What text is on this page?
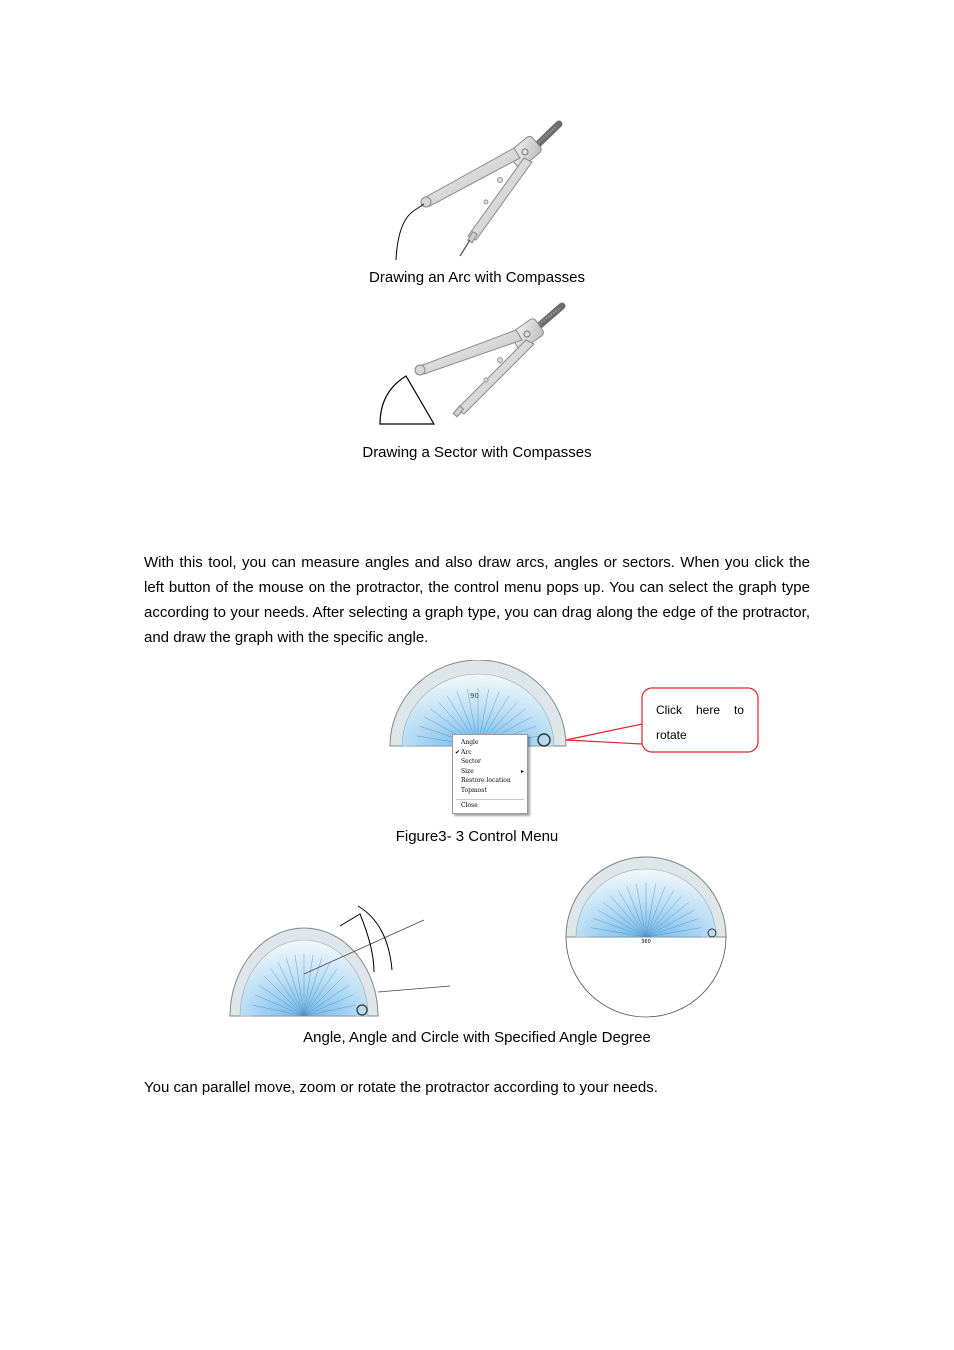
Drawing an Arc with Compasses
Drawing a Sector with Compasses
With this tool, you can measure angles and also draw arcs, angles or sectors. When you click the left button of the mouse on the protractor, the control menu pops up. You can select the graph type according to your needs. After selecting a graph type, you can drag along the edge of the protractor, and draw the graph with the specific angle.
90
Click here to
rotate
Angle
✔ Arc
Sector
Size	▸
Restore location
Topmost
Close
Figure3- 3 Control Menu
360
Angle, Angle and Circle with Specified Angle Degree
You can parallel move, zoom or rotate the protractor according to your needs.
